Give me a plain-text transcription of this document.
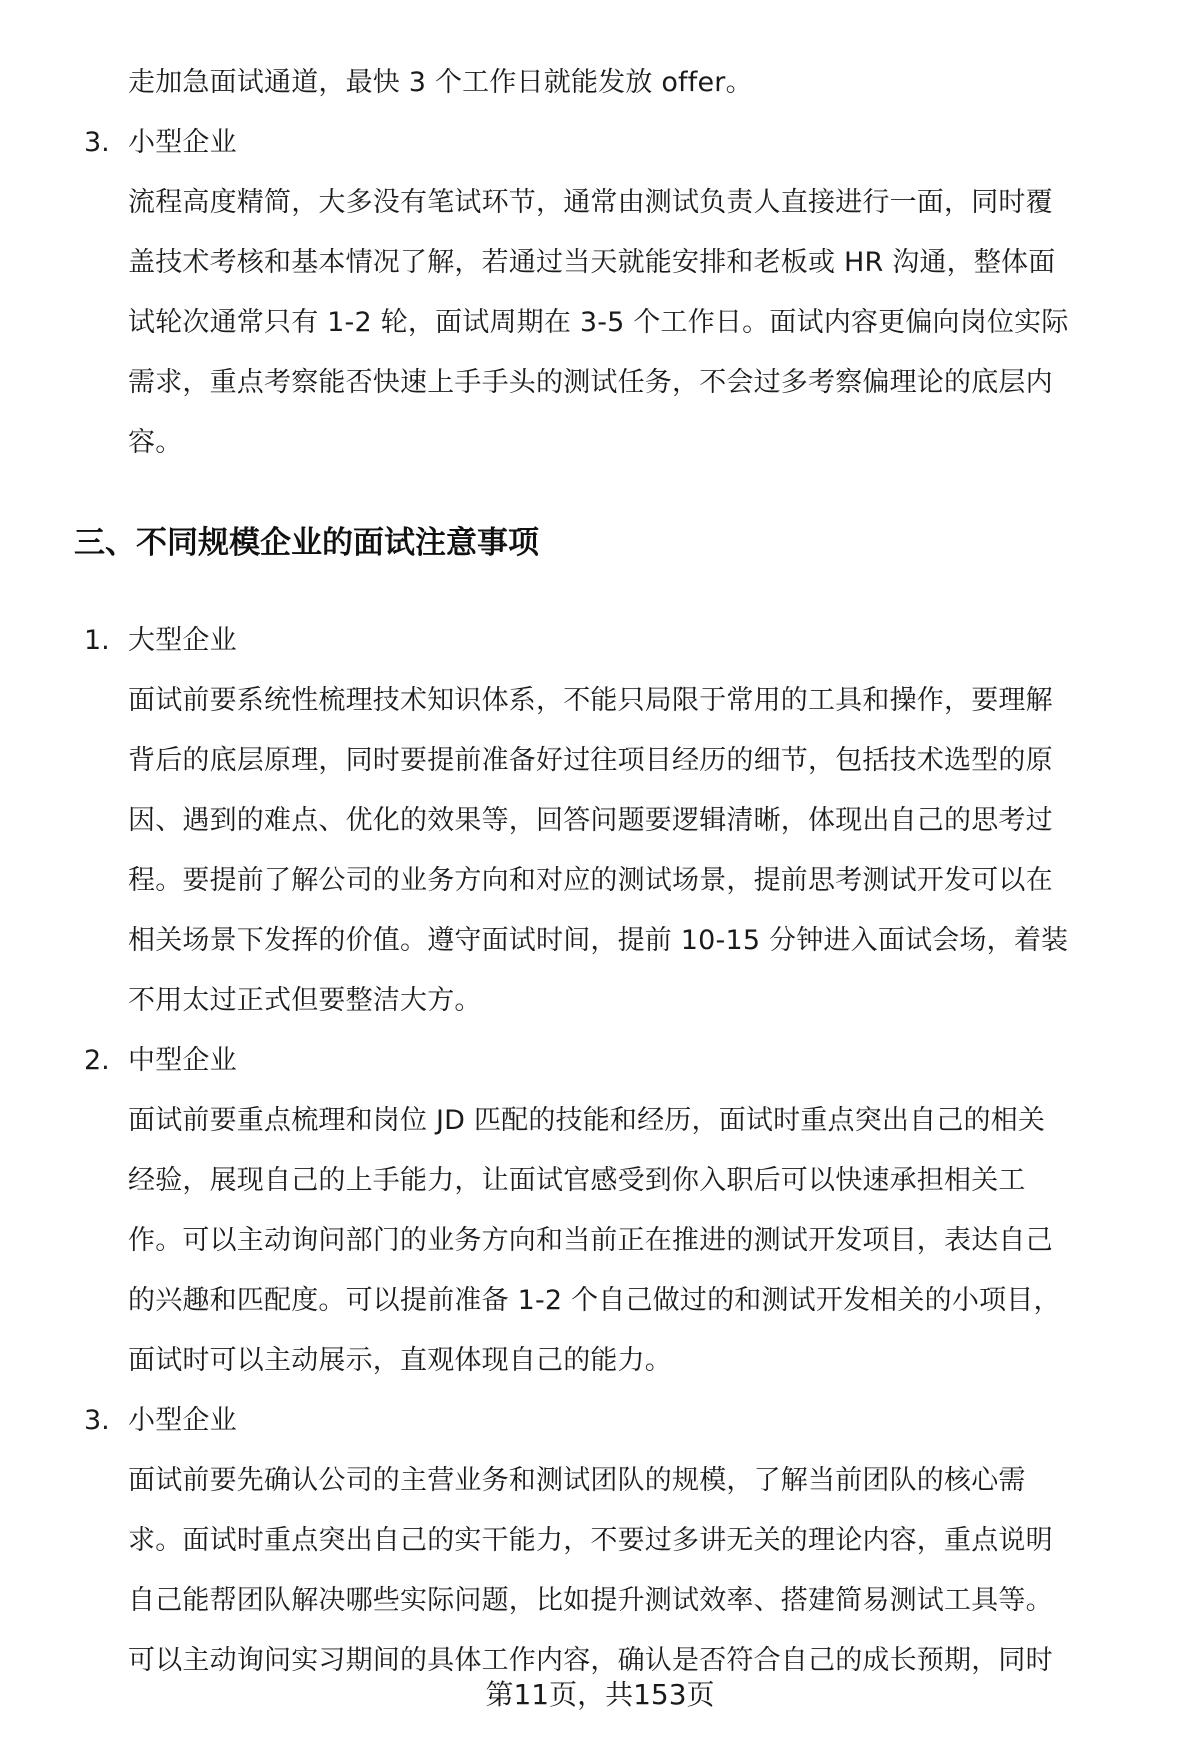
走加急面试通道，最快 3 个工作日就能发放 offer。
3. 小型企业
流程高度精简，大多没有笔试环节，通常由测试负责人直接进行一面，同时覆
盖技术考核和基本情况了解，若通过当天就能安排和老板或 HR 沟通，整体面
试轮次通常只有 1-2 轮，面试周期在 3-5 个工作日。面试内容更偏向岗位实际
需求，重点考察能否快速上手手头的测试任务，不会过多考察偏理论的底层内
容。
三、不同规模企业的面试注意事项
1. 大型企业
面试前要系统性梳理技术知识体系，不能只局限于常用的工具和操作，要理解
背后的底层原理，同时要提前准备好过往项目经历的细节，包括技术选型的原
因、遇到的难点、优化的效果等，回答问题要逻辑清晰，体现出自己的思考过
程。要提前了解公司的业务方向和对应的测试场景，提前思考测试开发可以在
相关场景下发挥的价值。遵守面试时间，提前 10-15 分钟进入面试会场，着装
不用太过正式但要整洁大方。
2. 中型企业
面试前要重点梳理和岗位 JD 匹配的技能和经历，面试时重点突出自己的相关
经验，展现自己的上手能力，让面试官感受到你入职后可以快速承担相关工
作。可以主动询问部门的业务方向和当前正在推进的测试开发项目，表达自己
的兴趣和匹配度。可以提前准备 1-2 个自己做过的和测试开发相关的小项目，
面试时可以主动展示，直观体现自己的能力。
3. 小型企业
面试前要先确认公司的主营业务和测试团队的规模，了解当前团队的核心需
求。面试时重点突出自己的实干能力，不要过多讲无关的理论内容，重点说明
自己能帮团队解决哪些实际问题，比如提升测试效率、搭建简易测试工具等。
可以主动询问实习期间的具体工作内容，确认是否符合自己的成长预期，同时
第11页，共153页
